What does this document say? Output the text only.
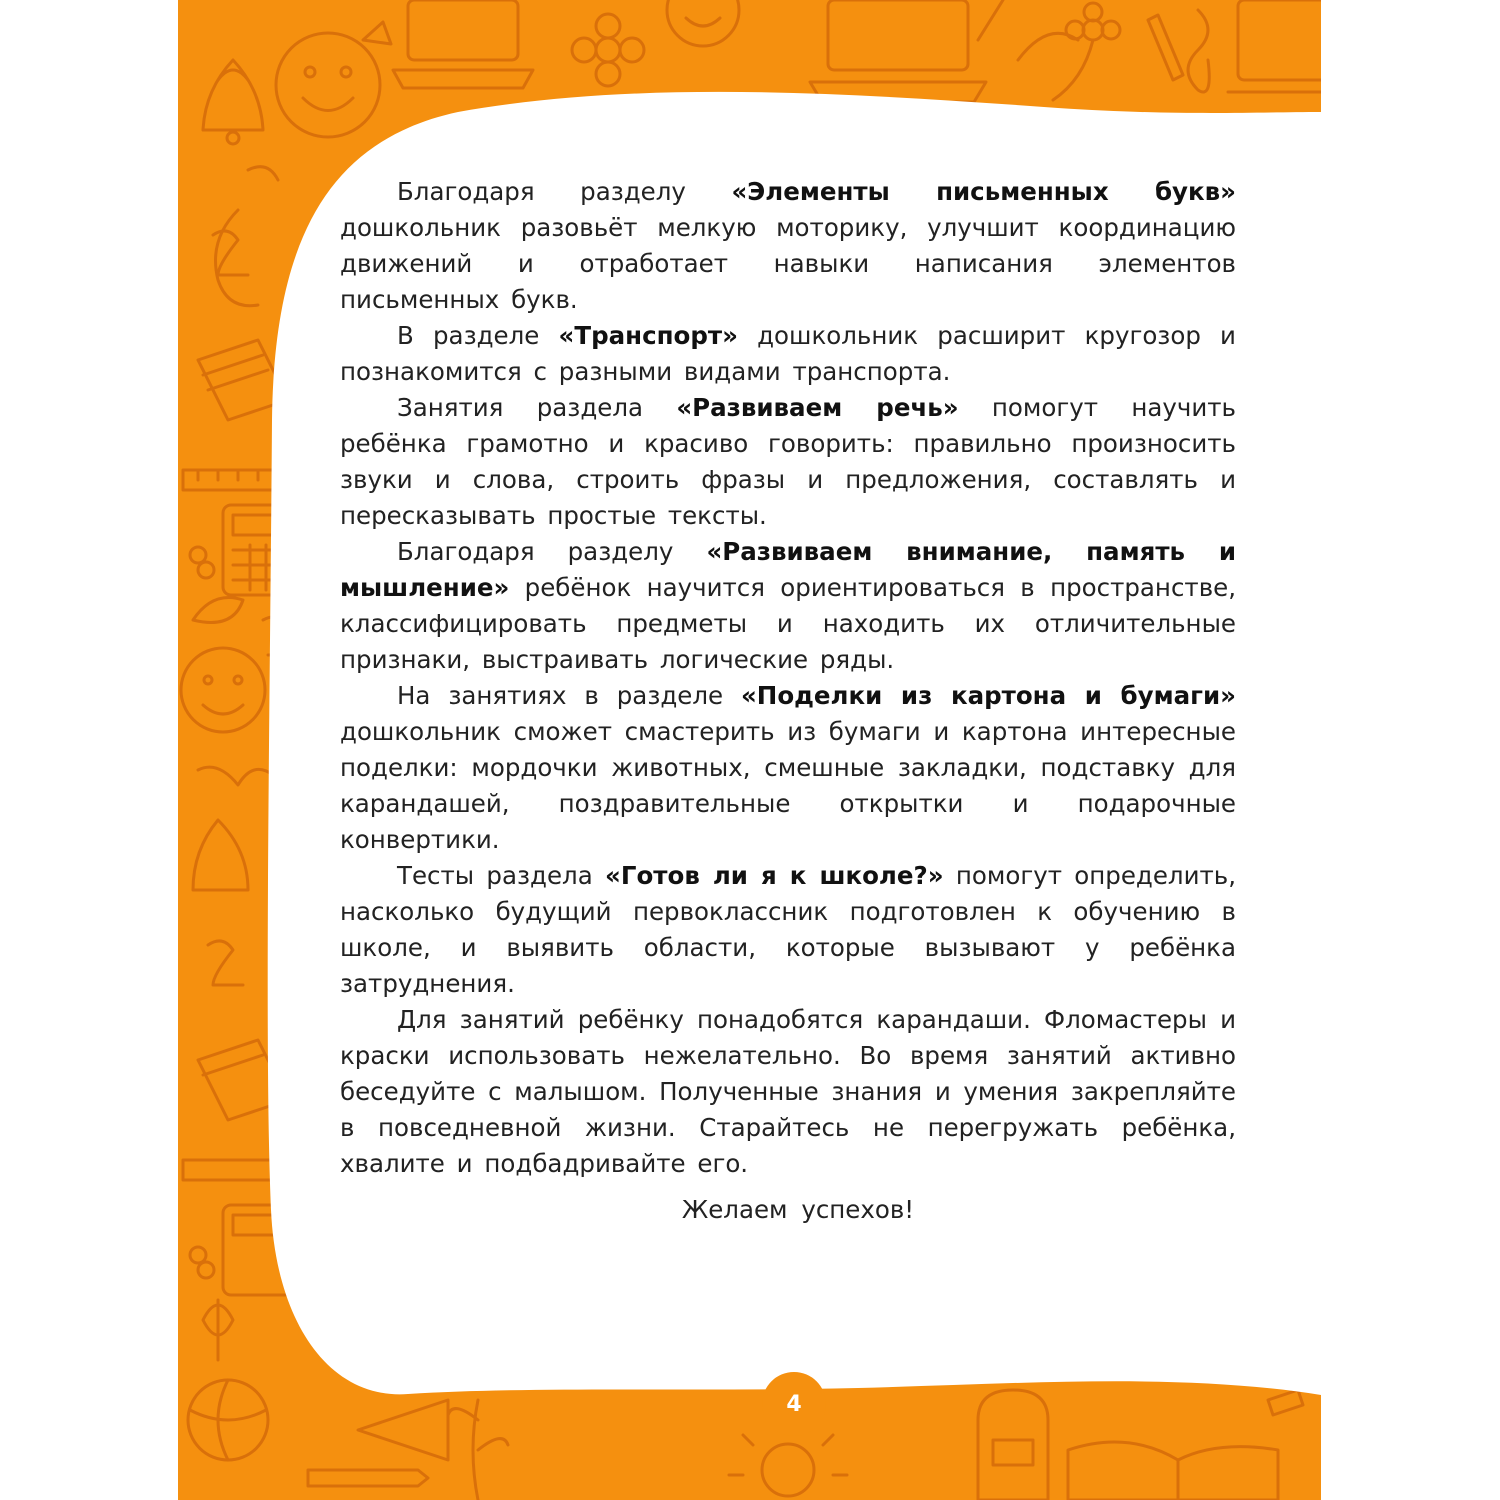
Благодаря разделу «Элементы письменных букв» дошкольник разовьёт мелкую моторику, улучшит координацию движений и отработает навыки написания элементов письменных букв.

В разделе «Транспорт» дошкольник расширит кругозор и познакомится с разными видами транспорта.

Занятия раздела «Развиваем речь» помогут научить ребёнка грамотно и красиво говорить: правильно произносить звуки и слова, строить фразы и предложения, составлять и пересказывать простые тексты.

Благодаря разделу «Развиваем внимание, память и мышление» ребёнок научится ориентироваться в пространстве, классифицировать предметы и находить их отличительные признаки, выстраивать логические ряды.

На занятиях в разделе «Поделки из картона и бумаги» дошкольник сможет смастерить из бумаги и картона интересные поделки: мордочки животных, смешные закладки, подставку для карандашей, поздравительные открытки и подарочные конвертики.

Тесты раздела «Готов ли я к школе?» помогут определить, насколько будущий первоклассник подготовлен к обучению в школе, и выявить области, которые вызывают у ребёнка затруднения.

Для занятий ребёнку понадобятся карандаши. Фломастеры и краски использовать нежелательно. Во время занятий активно беседуйте с малышом. Полученные знания и умения закрепляйте в повседневной жизни. Старайтесь не перегружать ребёнка, хвалите и подбадривайте его.

Желаем успехов!
4
